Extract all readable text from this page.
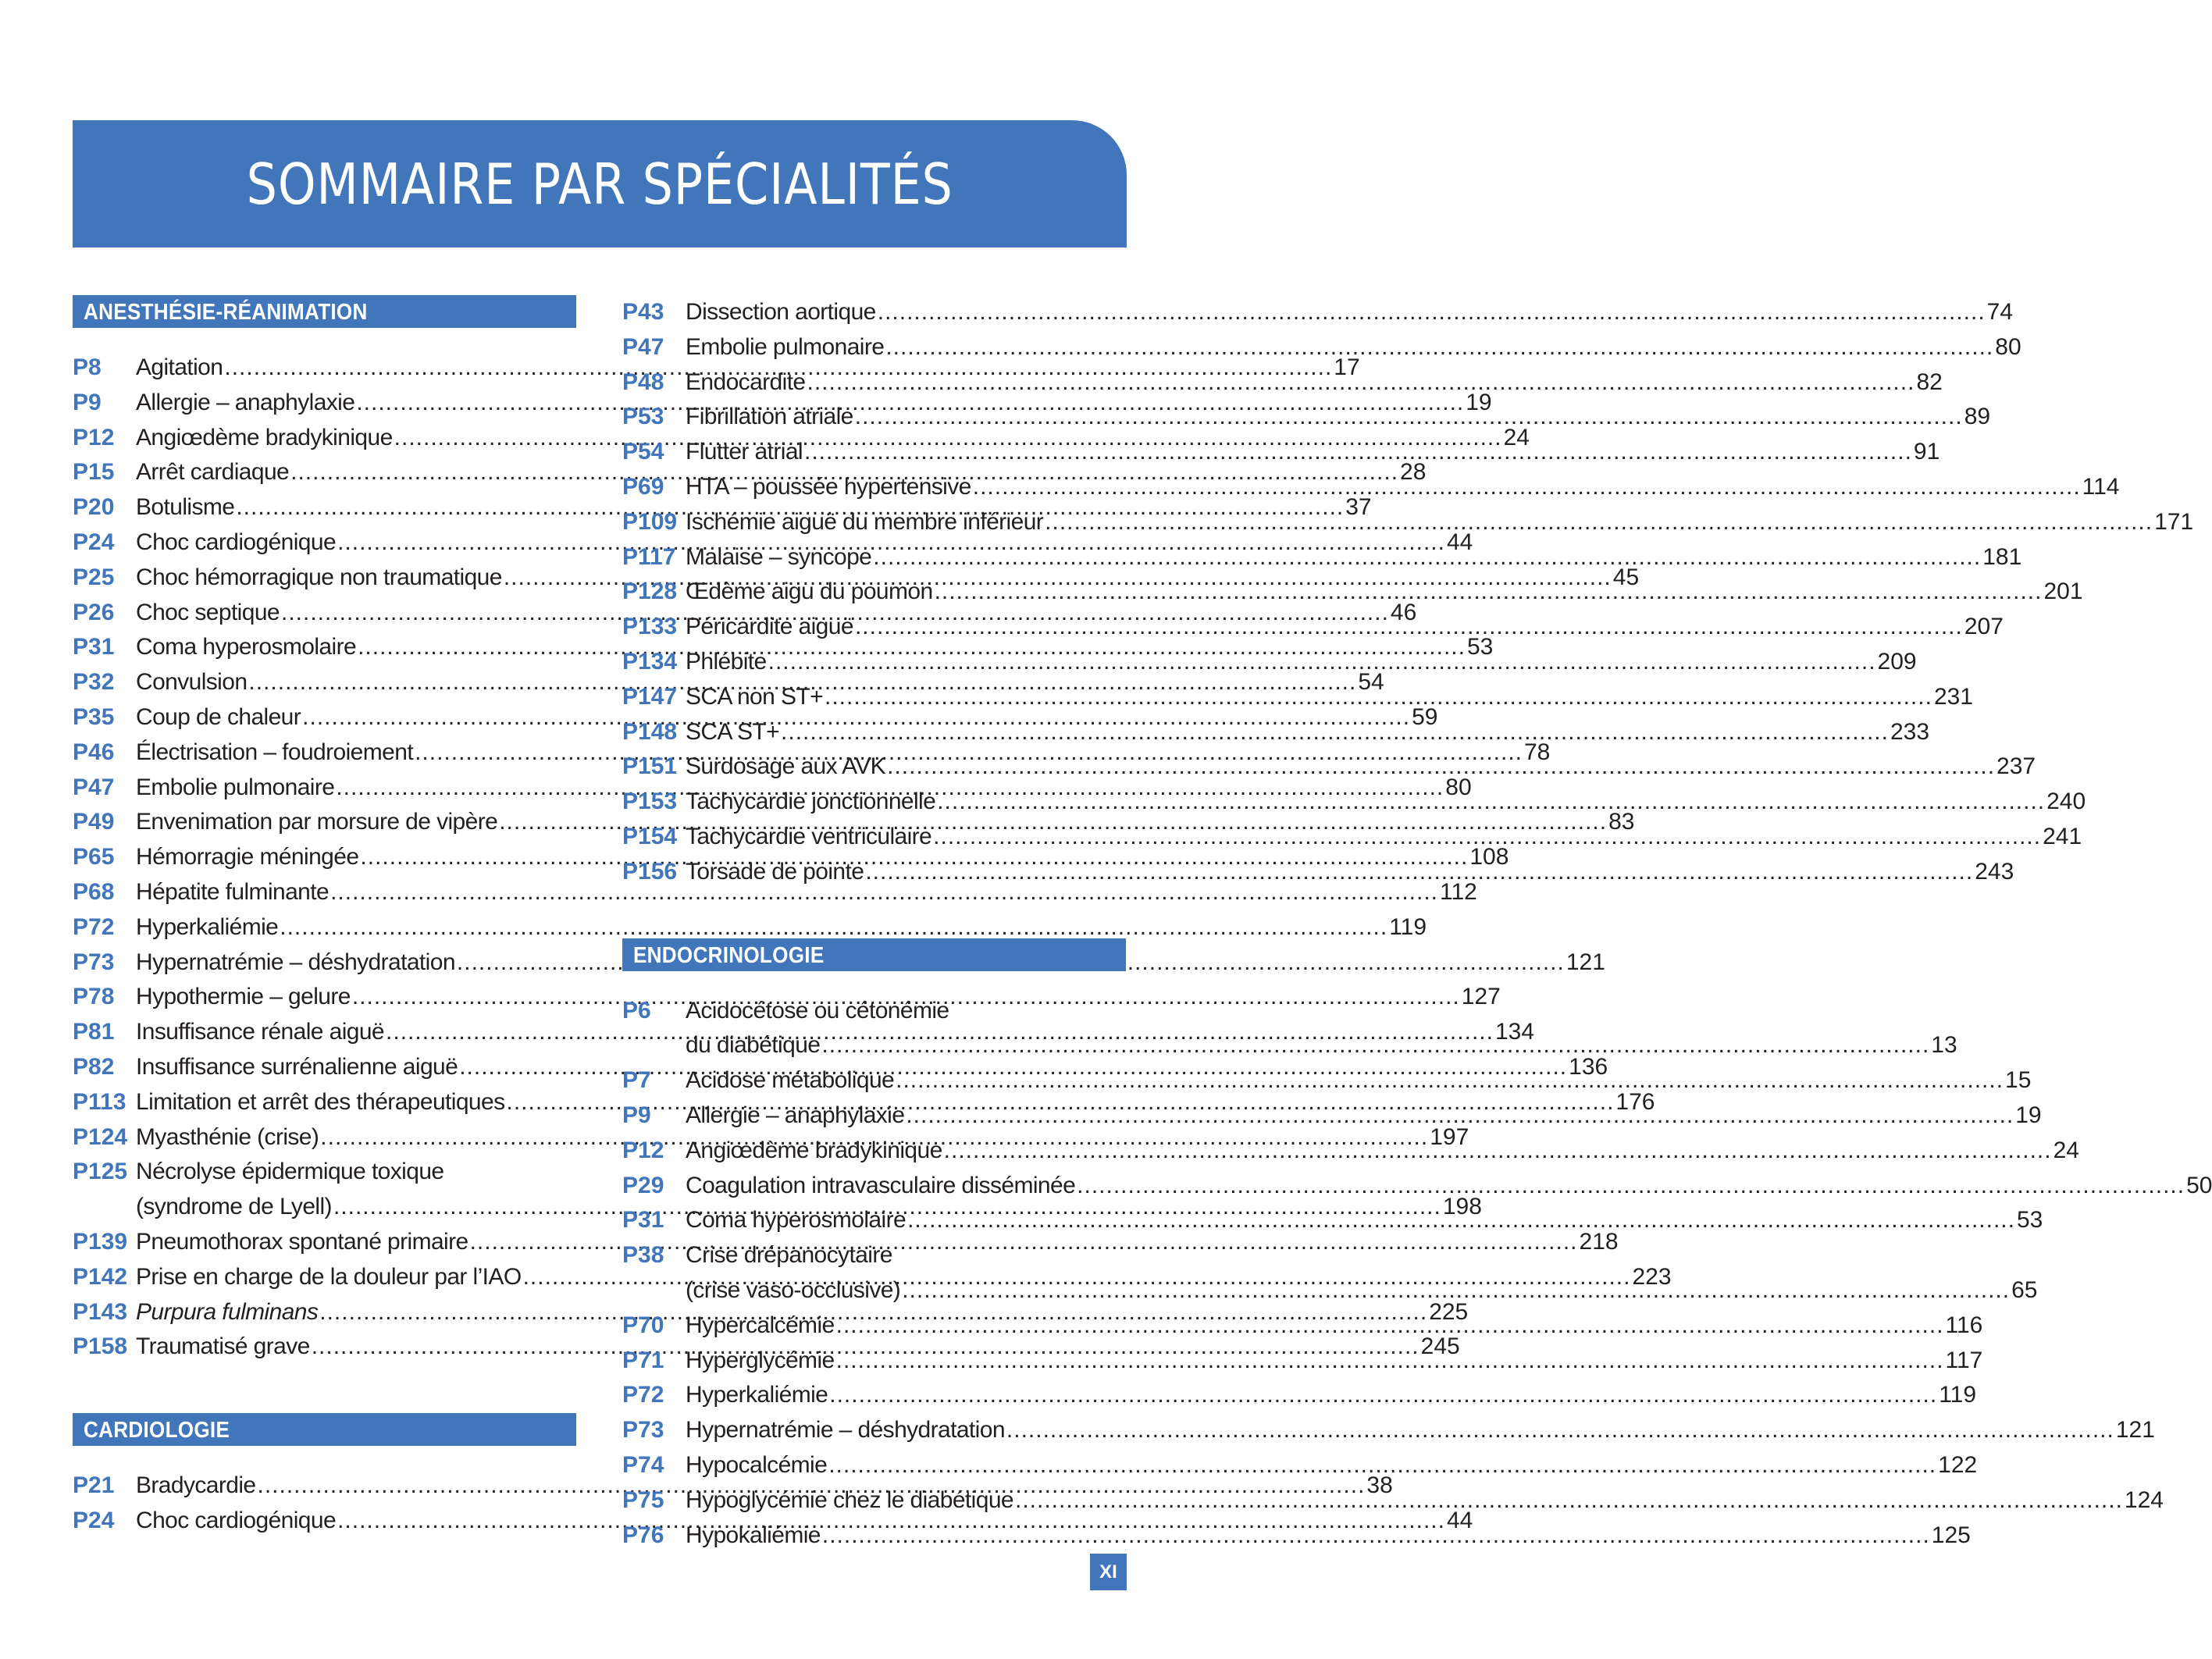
SOMMAIRE PAR SPÉCIALITÉS
ANESTHÉSIE-RÉANIMATION
P8	Agitation .....	17
P9	Allergie – anaphylaxie .....	19
P12 Angiœdème bradykinique .....	24
P15 Arrêt cardiaque .....	28
P20 Botulisme .....	37
P24 Choc cardiogénique .....	44
P25 Choc hémorragique non traumatique .....	45
P26 Choc septique .....	46
P31 Coma hyperosmolaire .....	53
P32 Convulsion .....	54
P35 Coup de chaleur .....	59
P46 Électrisation – foudroiement .....	78
P47 Embolie pulmonaire .....	80
P49 Envenimation par morsure de vipère .....	83
P65 Hémorragie méningée .....	108
P68 Hépatite fulminante .....	112
P72 Hyperkaliémie .....	119
P73 Hypernatrémie – déshydratation .....	121
P78 Hypothermie – gelure .....	127
P81 Insuffisance rénale aiguë .....	134
P82 Insuffisance surrénalienne aiguë .....	136
P113 Limitation et arrêt des thérapeutiques .....	176
P124 Myasthénie (crise) .....	197
P125 Nécrolyse épidermique toxique
(syndrome de Lyell) .....	198
P139 Pneumothorax spontané primaire .....	218
P142 Prise en charge de la douleur par l’IAO .....	223
P143 Purpura fulminans .....	225
P158 Traumatisé grave .....	245
CARDIOLOGIE
P21 Bradycardie .....	38
P24 Choc cardiogénique .....	44
P43 Dissection aortique .....	74
P47 Embolie pulmonaire .....	80
P48 Endocardite .....	82
P53 Fibrillation atriale .....	89
P54 Flutter atrial .....	91
P69 HTA – poussée hypertensive .....	114
P109 Ischémie aiguë du membre inférieur .....	171
P117 Malaise – syncope .....	181
P128 Œdème aigu du poumon .....	201
P133 Péricardite aiguë .....	207
P134 Phlébite .....	209
P147 SCA non ST+ .....	231
P148 SCA ST+ .....	233
P151 Surdosage aux AVK .....	237
P153 Tachycardie jonctionnelle .....	240
P154 Tachycardie ventriculaire .....	241
P156 Torsade de pointe .....	243
ENDOCRINOLOGIE
P6	Acidocétose ou cétonémie
du diabétique .....	13
P7	Acidose métabolique .....	15
P9	Allergie – anaphylaxie .....	19
P12 Angiœdème bradykinique .....	24
P29 Coagulation intravasculaire disséminée .....	50
P31 Coma hyperosmolaire .....	53
P38 Crise drépanocytaire
(crise vaso-occlusive) .....	65
P70 Hypercalcémie .....	116
P71 Hyperglycémie .....	117
P72 Hyperkaliémie .....	119
P73 Hypernatrémie – déshydratation .....	121
P74 Hypocalcémie .....	122
P75 Hypoglycémie chez le diabétique .....	124
P76 Hypokaliémie .....	125
XI
